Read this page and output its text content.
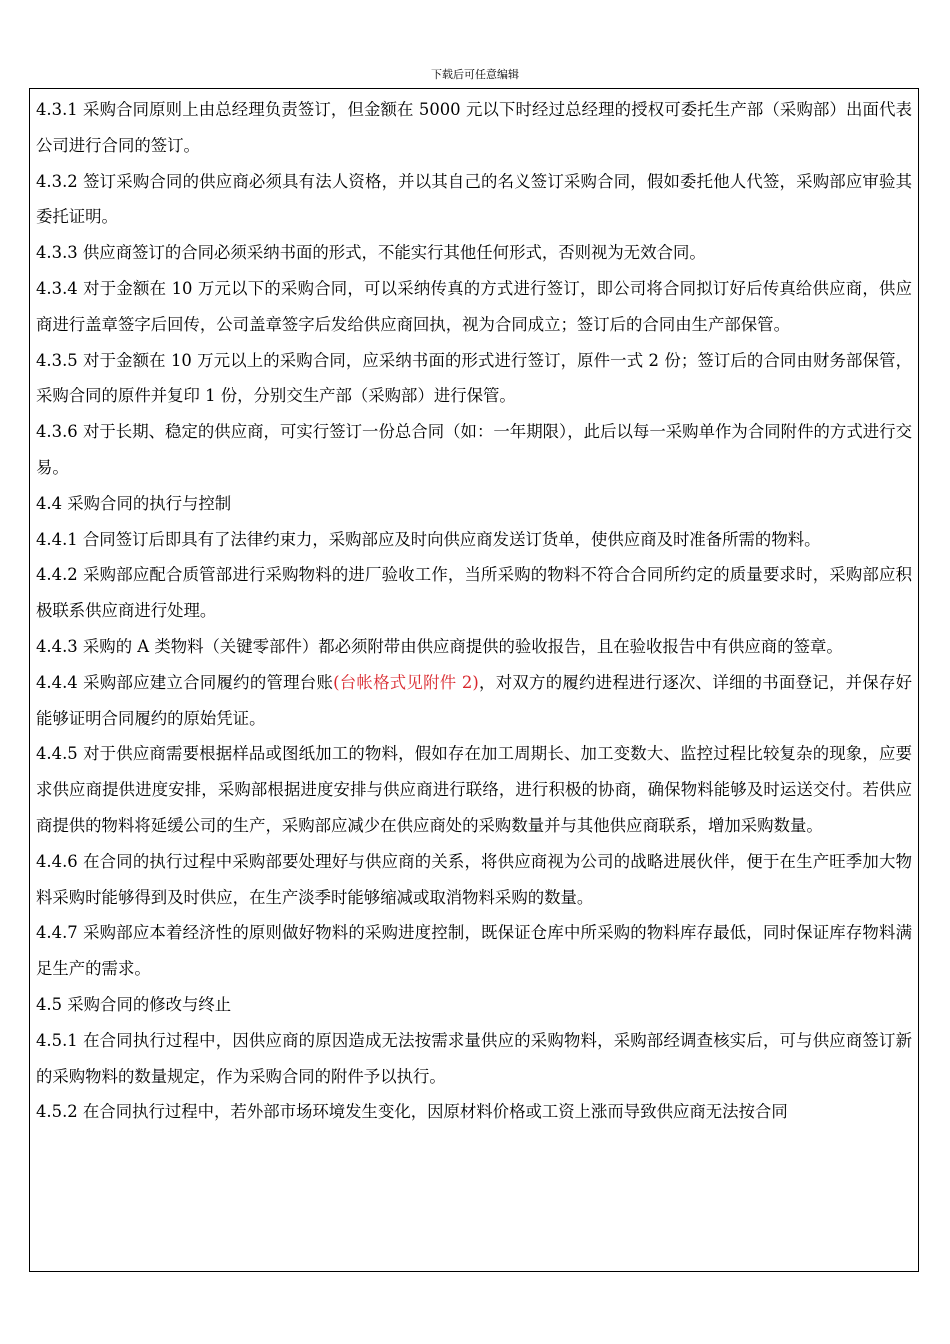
下载后可任意编辑

4.3.1 采购合同原则上由总经理负责签订，但金额在 5000 元以下时经过总经理的授权可委托生产部（采购部）出面代表公司进行合同的签订。

4.3.2 签订采购合同的供应商必须具有法人资格，并以其自己的名义签订采购合同，假如委托他人代签，采购部应审验其委托证明。

4.3.3 供应商签订的合同必须采纳书面的形式，不能实行其他任何形式，否则视为无效合同。

4.3.4 对于金额在 10 万元以下的采购合同，可以采纳传真的方式进行签订，即公司将合同拟订好后传真给供应商，供应商进行盖章签字后回传，公司盖章签字后发给供应商回执，视为合同成立；签订后的合同由生产部保管。

4.3.5 对于金额在 10 万元以上的采购合同，应采纳书面的形式进行签订，原件一式 2 份；签订后的合同由财务部保管，采购合同的原件并复印 1 份，分别交生产部（采购部）进行保管。

4.3.6 对于长期、稳定的供应商，可实行签订一份总合同（如：一年期限），此后以每一采购单作为合同附件的方式进行交易。

4.4 采购合同的执行与控制

4.4.1 合同签订后即具有了法律约束力，采购部应及时向供应商发送订货单，使供应商及时准备所需的物料。

4.4.2 采购部应配合质管部进行采购物料的进厂验收工作，当所采购的物料不符合合同所约定的质量要求时，采购部应积极联系供应商进行处理。

4.4.3 采购的 A 类物料（关键零部件）都必须附带由供应商提供的验收报告，且在验收报告中有供应商的签章。

4.4.4 采购部应建立合同履约的管理台账(台帐格式见附件 2)，对双方的履约进程进行逐次、详细的书面登记，并保存好能够证明合同履约的原始凭证。

4.4.5 对于供应商需要根据样品或图纸加工的物料，假如存在加工周期长、加工变数大、监控过程比较复杂的现象，应要求供应商提供进度安排，采购部根据进度安排与供应商进行联络，进行积极的协商，确保物料能够及时运送交付。若供应商提供的物料将延缓公司的生产，采购部应减少在供应商处的采购数量并与其他供应商联系，增加采购数量。

4.4.6 在合同的执行过程中采购部要处理好与供应商的关系，将供应商视为公司的战略进展伙伴，便于在生产旺季加大物料采购时能够得到及时供应，在生产淡季时能够缩减或取消物料采购的数量。

4.4.7 采购部应本着经济性的原则做好物料的采购进度控制，既保证仓库中所采购的物料库存最低，同时保证库存物料满足生产的需求。

4.5 采购合同的修改与终止

4.5.1 在合同执行过程中，因供应商的原因造成无法按需求量供应的采购物料，采购部经调查核实后，可与供应商签订新的采购物料的数量规定，作为采购合同的附件予以执行。

4.5.2 在合同执行过程中，若外部市场环境发生变化，因原材料价格或工资上涨而导致供应商无法按合同
